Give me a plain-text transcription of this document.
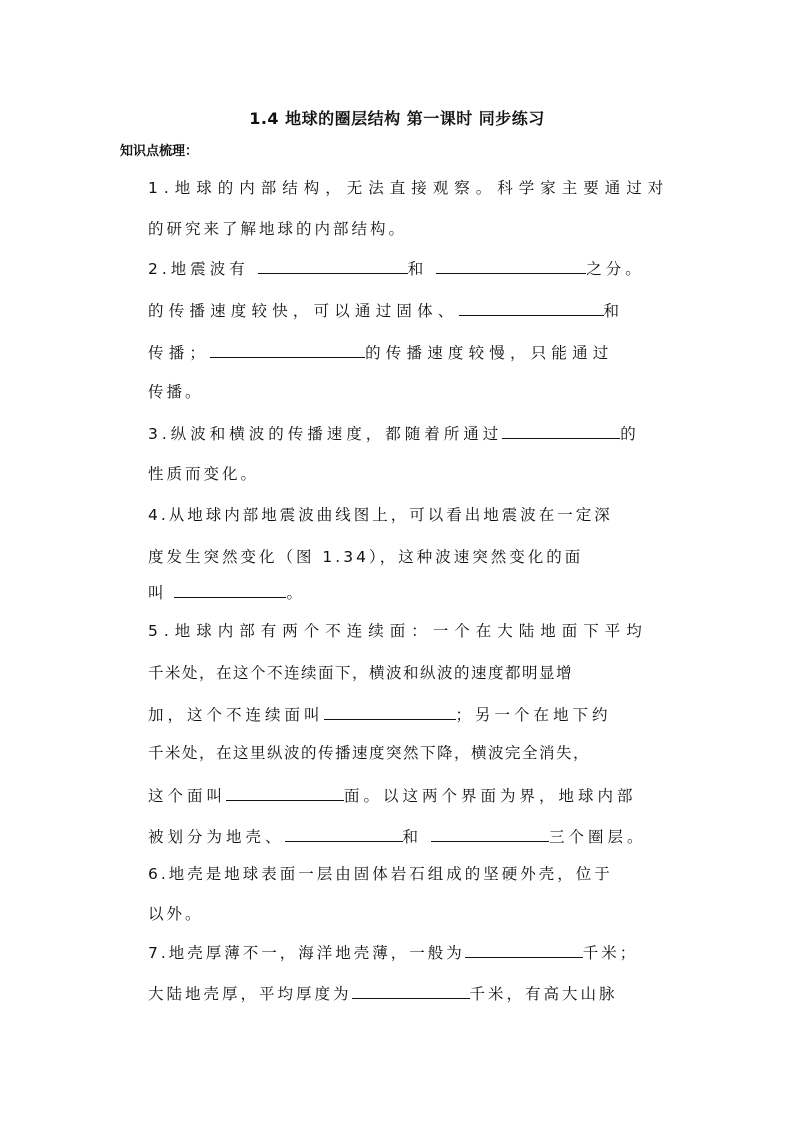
1.4 地球的圈层结构 第一课时 同步练习
知识点梳理：
1.地球的内部结构，无法直接观察。科学家主要通过对
的研究来了解地球的内部结构。
2.地震波有	和	之分。
的传播速度较快，可以通过固体、	和
传播；	的传播速度较慢，只能通过
传播。
3.纵波和横波的传播速度，都随着所通过	的
性质而变化。
4.从地球内部地震波曲线图上，可以看出地震波在一定深
度发生突然变化（图 1.34），这种波速突然变化的面
叫	。
5.地球内部有两个不连续面：一个在大陆地面下平均
千米处，在这个不连续面下，横波和纵波的速度都明显增
加，这个不连续面叫	；另一个在地下约
千米处，在这里纵波的传播速度突然下降，横波完全消失，
这个面叫	面。以这两个界面为界，地球内部
被划分为地壳、	和	三个圈层。
6.地壳是地球表面一层由固体岩石组成的坚硬外壳，位于
以外。
7.地壳厚薄不一，海洋地壳薄，一般为	千米；
大陆地壳厚，平均厚度为	千米，有高大山脉
